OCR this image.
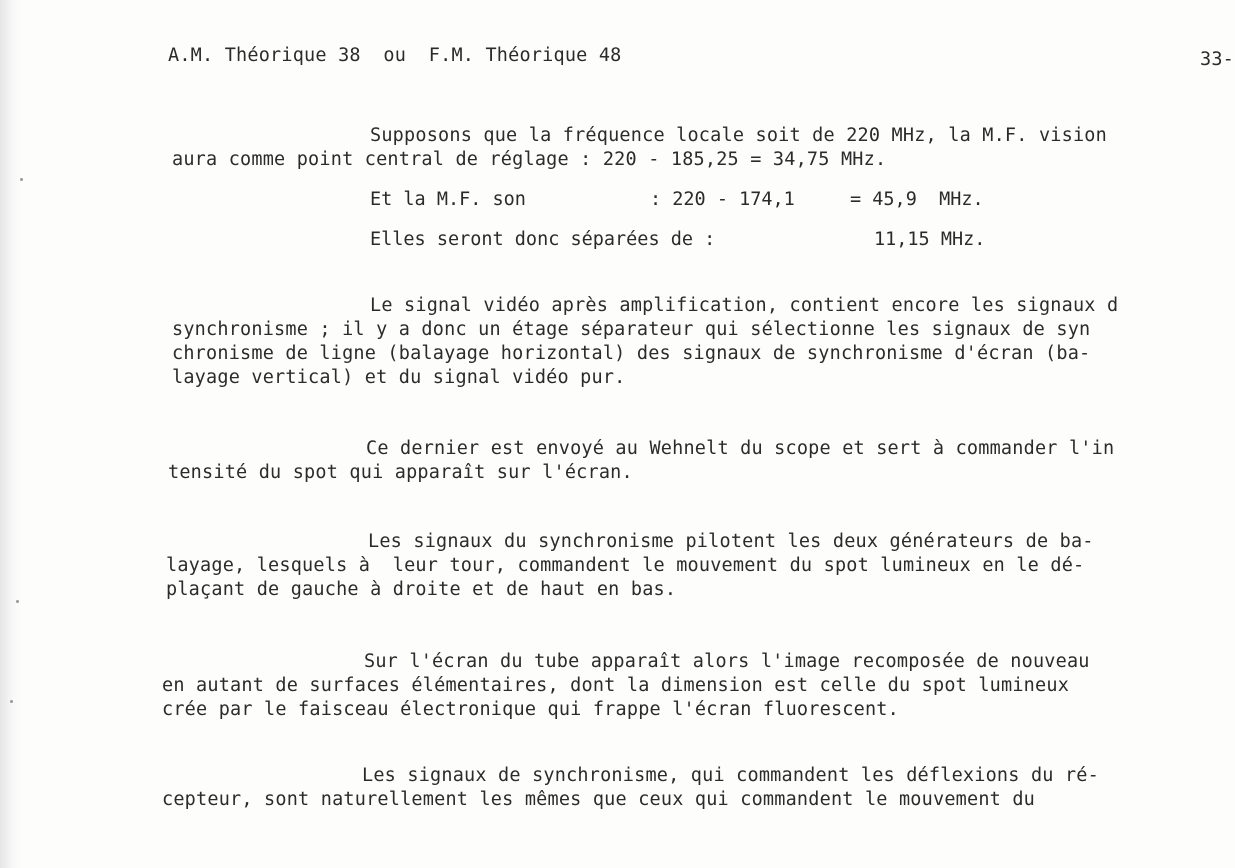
A.M. Théorique 38  ou  F.M. Théorique 48	33-
Supposons que la fréquence locale soit de 220 MHz, la M.F. vision
aura comme point central de réglage : 220 - 185,25 = 34,75 MHz.
Et la M.F. son	: 220 - 174,1	= 45,9  MHz.
Elles seront donc séparées de :	11,15 MHz.
Le signal vidéo après amplification, contient encore les signaux d
synchronisme ; il y a donc un étage séparateur qui sélectionne les signaux de syn
chronisme de ligne (balayage horizontal) des signaux de synchronisme d'écran (ba-
layage vertical) et du signal vidéo pur.
Ce dernier est envoyé au Wehnelt du scope et sert à commander l'in
tensité du spot qui apparaît sur l'écran.
Les signaux du synchronisme pilotent les deux générateurs de ba-
layage, lesquels à  leur tour, commandent le mouvement du spot lumineux en le dé-
plaçant de gauche à droite et de haut en bas.
Sur l'écran du tube apparaît alors l'image recomposée de nouveau
en autant de surfaces élémentaires, dont la dimension est celle du spot lumineux
crée par le faisceau électronique qui frappe l'écran fluorescent.
Les signaux de synchronisme, qui commandent les déflexions du ré-
cepteur, sont naturellement les mêmes que ceux qui commandent le mouvement du
